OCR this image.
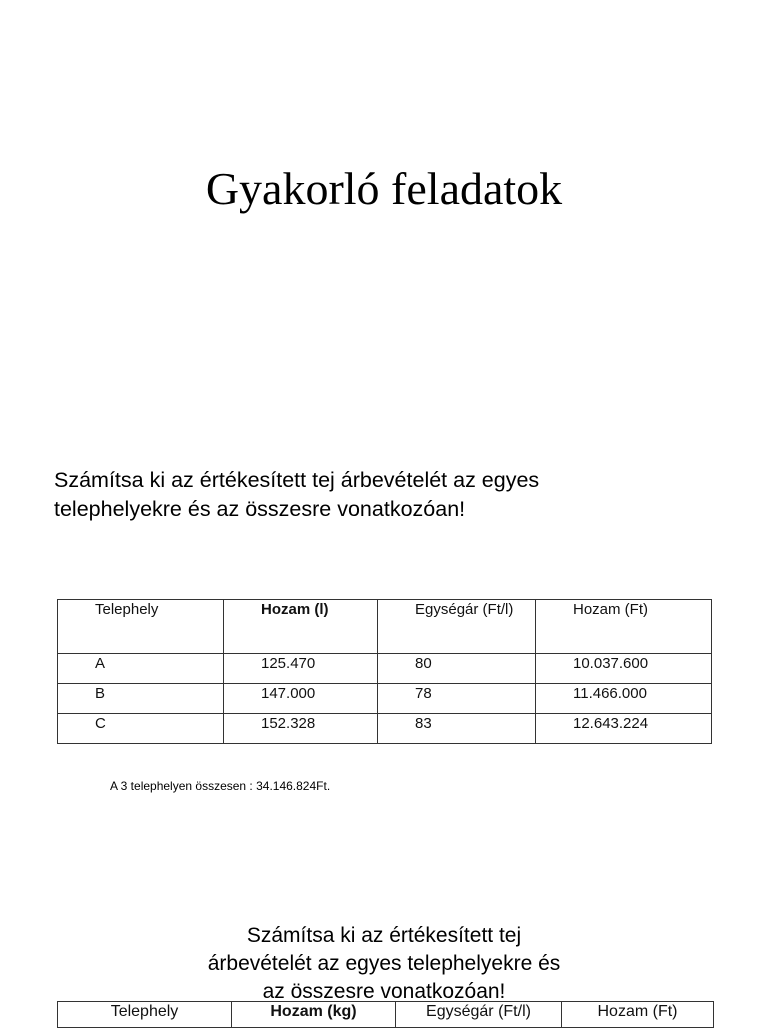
Gyakorló feladatok
Számítsa ki az értékesített tej árbevételét az egyes
telephelyekre és az összesre vonatkozóan!
Telephely	Hozam (l)	Egységár (Ft/l)	Hozam (Ft)
A	125.470	80	10.037.600
B	147.000	78	11.466.000
C	152.328	83	12.643.224
A 3 telephelyen összesen : 34.146.824Ft.
Számítsa ki az értékesített tej
árbevételét az egyes telephelyekre és
az összesre vonatkozóan!
Telephely	Hozam (kg)	Egységár (Ft/l)	Hozam (Ft)
